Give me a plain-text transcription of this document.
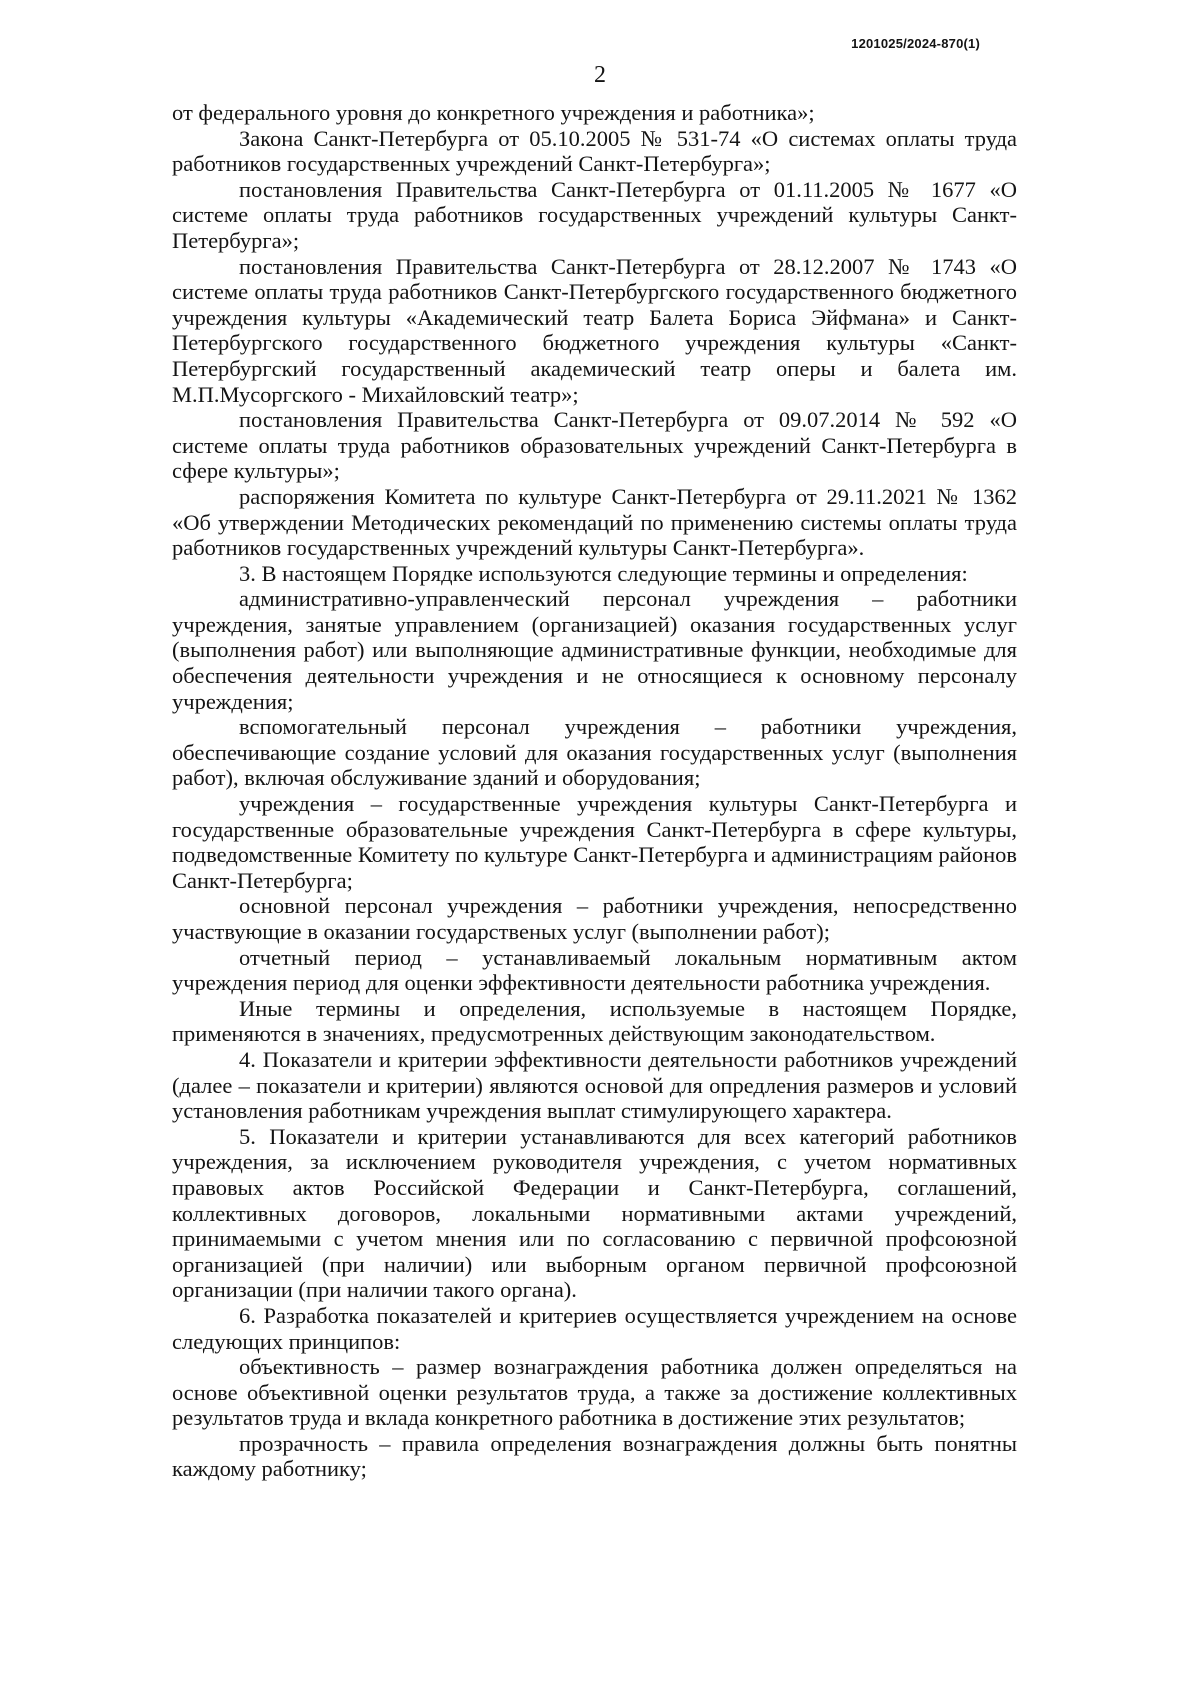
1201025/2024-870(1)
2

от федерального уровня до конкретного учреждения и работника»;

Закона Санкт-Петербурга от 05.10.2005 № 531-74 «О системах оплаты труда работников государственных учреждений Санкт-Петербурга»;

постановления Правительства Санкт-Петербурга от 01.11.2005 № 1677 «О системе оплаты труда работников государственных учреждений культуры Санкт-Петербурга»;

постановления Правительства Санкт-Петербурга от 28.12.2007 № 1743 «О системе оплаты труда работников Санкт-Петербургского государственного бюджетного учреждения культуры «Академический театр Балета Бориса Эйфмана» и Санкт-Петербургского государственного бюджетного учреждения культуры «Санкт-Петербургский государственный академический театр оперы и балета им. М.П.Мусоргского - Михайловский театр»;

постановления Правительства Санкт-Петербурга от 09.07.2014 № 592 «О системе оплаты труда работников образовательных учреждений Санкт-Петербурга в сфере культуры»;

распоряжения Комитета по культуре Санкт-Петербурга от 29.11.2021 № 1362 «Об утверждении Методических рекомендаций по применению системы оплаты труда работников государственных учреждений культуры Санкт-Петербурга».

3. В настоящем Порядке используются следующие термины и определения:

административно-управленческий персонал учреждения – работники учреждения, занятые управлением (организацией) оказания государственных услуг (выполнения работ) или выполняющие административные функции, необходимые для обеспечения деятельности учреждения и не относящиеся к основному персоналу учреждения;

вспомогательный персонал учреждения – работники учреждения, обеспечивающие создание условий для оказания государственных услуг (выполнения работ), включая обслуживание зданий и оборудования;

учреждения – государственные учреждения культуры Санкт-Петербурга и государственные образовательные учреждения Санкт-Петербурга в сфере культуры, подведомственные Комитету по культуре Санкт-Петербурга и администрациям районов Санкт-Петербурга;

основной персонал учреждения – работники учреждения, непосредственно участвующие в оказании государственых услуг (выполнении работ);

отчетный период – устанавливаемый локальным нормативным актом учреждения период для оценки эффективности деятельности работника учреждения.

Иные термины и определения, используемые в настоящем Порядке, применяются в значениях, предусмотренных действующим законодательством.

4. Показатели и критерии эффективности деятельности работников учреждений (далее – показатели и критерии) являются основой для опредления размеров и условий установления работникам учреждения выплат стимулирующего характера.

5. Показатели и критерии устанавливаются для всех категорий работников учреждения, за исключением руководителя учреждения, с учетом нормативных правовых актов Российской Федерации и Санкт-Петербурга, соглашений, коллективных договоров, локальными нормативными актами учреждений, принимаемыми с учетом мнения или по согласованию с первичной профсоюзной организацией (при наличии) или выборным органом первичной профсоюзной организации (при наличии такого органа).

6. Разработка показателей и критериев осуществляется учреждением на основе следующих принципов:

объективность – размер вознаграждения работника должен определяться на основе объективной оценки результатов труда, а также за достижение коллективных результатов труда и вклада конкретного работника в достижение этих результатов;

прозрачность – правила определения вознаграждения должны быть понятны каждому работнику;
